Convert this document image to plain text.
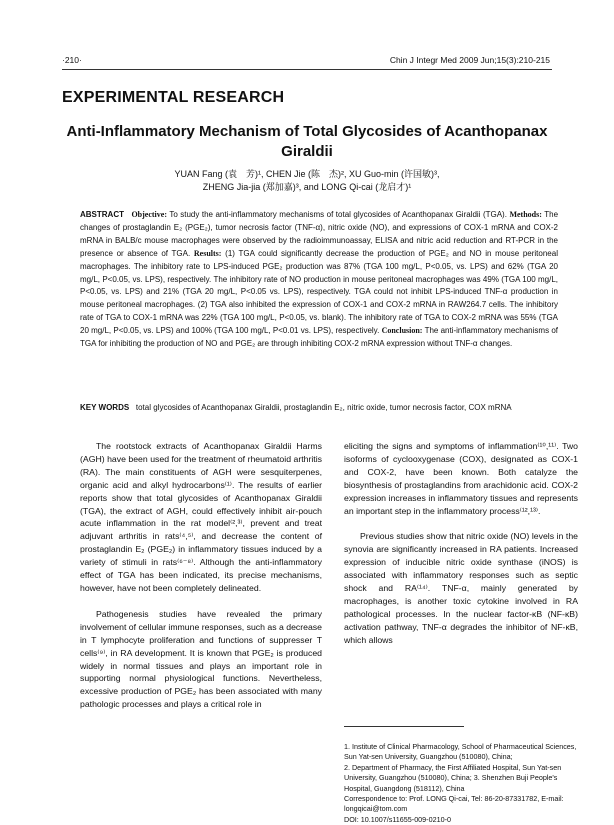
·210·	Chin J Integr Med 2009 Jun;15(3):210-215
EXPERIMENTAL RESEARCH
Anti-Inflammatory Mechanism of Total Glycosides of Acanthopanax Giraldii
YUAN Fang (袁　芳)¹, CHEN Jie (陈　杰)², XU Guo-min (许国敏)³,
ZHENG Jia-jia (郑加嘉)³, and LONG Qi-cai (龙启才)¹
ABSTRACT Objective: To study the anti-inflammatory mechanisms of total glycosides of Acanthopanax Giraldii (TGA). Methods: The changes of prostaglandin E₂ (PGE₂), tumor necrosis factor (TNF-α), nitric oxide (NO), and expressions of COX-1 mRNA and COX-2 mRNA in BALB/c mouse macrophages were observed by the radioimmunoassay, ELISA and nitric acid reduction and RT-PCR in the presence or absence of TGA. Results: (1) TGA could significantly decrease the production of PGE₂ and NO in mouse peritoneal macrophages. The inhibitory rate to LPS-induced PGE₂ production was 87% (TGA 100 mg/L, P<0.05, vs. LPS) and 62% (TGA 20 mg/L, P<0.05, vs. LPS), respectively. The inhibitory rate of NO production in mouse peritoneal macrophages was 49% (TGA 100 mg/L, P<0.05, vs. LPS) and 21% (TGA 20 mg/L, P<0.05 vs. LPS), respectively. TGA could not inhibit LPS-induced TNF-α production in mouse peritoneal macrophages. (2) TGA also inhibited the expression of COX-1 and COX-2 mRNA in RAW264.7 cells. The inhibitory rate of TGA to COX-1 mRNA was 22% (TGA 100 mg/L, P<0.05, vs. blank). The inhibitory rate of TGA to COX-2 mRNA was 55% (TGA 20 mg/L, P<0.05, vs. LPS) and 100% (TGA 100 mg/L, P<0.01 vs. LPS), respectively. Conclusion: The anti-inflammatory mechanisms of TGA for inhibiting the production of NO and PGE₂ are through inhibiting COX-2 mRNA expression without TNF-α changes.
KEY WORDS total glycosides of Acanthopanax Giraldii, prostaglandin E₂, nitric oxide, tumor necrosis factor, COX mRNA

The rootstock extracts of Acanthopanax Giraldii Harms (AGH) have been used for the treatment of rheumatoid arthritis (RA). The main constituents of AGH were sesquiterpenes, organic acid and alkyl hydrocarbons⁽¹⁾. The results of earlier reports show that total glycosides of Acanthopanax Giraldii (TGA), the extract of AGH, could effectively inhibit air-pouch acute inflammation in the rat model⁽²,³⁾, prevent and treat adjuvant arthritis in rats⁽⁴,⁵⁾, and decrease the content of prostaglandin E₂ (PGE₂) in inflammatory tissues induced by a variety of stimuli in rats⁽⁶⁻⁸⁾. Although the anti-inflammatory effect of TGA has been indicated, its precise mechanisms, however, have not been completely delineated.

Pathogenesis studies have revealed the primary involvement of cellular immune responses, such as a decrease in T lymphocyte proliferation and functions of suppresser T cells⁽⁹⁾, in RA development. It is known that PGE₂ is produced widely in normal tissues and plays an important role in supporting normal physiological functions. Nevertheless, excessive production of PGE₂ has been associated with many pathologic processes and plays a critical role in

eliciting the signs and symptoms of inflammation⁽¹⁰,¹¹⁾. Two isoforms of cyclooxygenase (COX), designated as COX-1 and COX-2, have been known. Both catalyze the biosynthesis of prostaglandins from arachidonic acid. COX-2 expression increases in inflammatory tissues and represents an important step in the inflammatory process⁽¹²,¹³⁾.

Previous studies show that nitric oxide (NO) levels in the synovia are significantly increased in RA patients. Increased expression of inducible nitric oxide synthase (iNOS) is associated with inflammatory responses such as septic shock and RA⁽¹⁴⁾. TNF-α, mainly generated by macrophages, is another toxic cytokine involved in RA pathological processes. In the nuclear factor-κB (NF-κB) activation pathway, TNF-α degrades the inhibitor of NF-κB, which allows

1. Institute of Clinical Pharmacology, School of Pharmaceutical Sciences, Sun Yat-sen University, Guangzhou (510080), China;
2. Department of Pharmacy, the First Affiliated Hospital, Sun Yat-sen University, Guangzhou (510080), China; 3. Shenzhen Buji People's Hospital, Guangdong (518112), China
Correspondence to: Prof. LONG Qi-cai, Tel: 86-20-87331782, E-mail: longqicai@tom.com
DOI: 10.1007/s11655-009-0210-0
